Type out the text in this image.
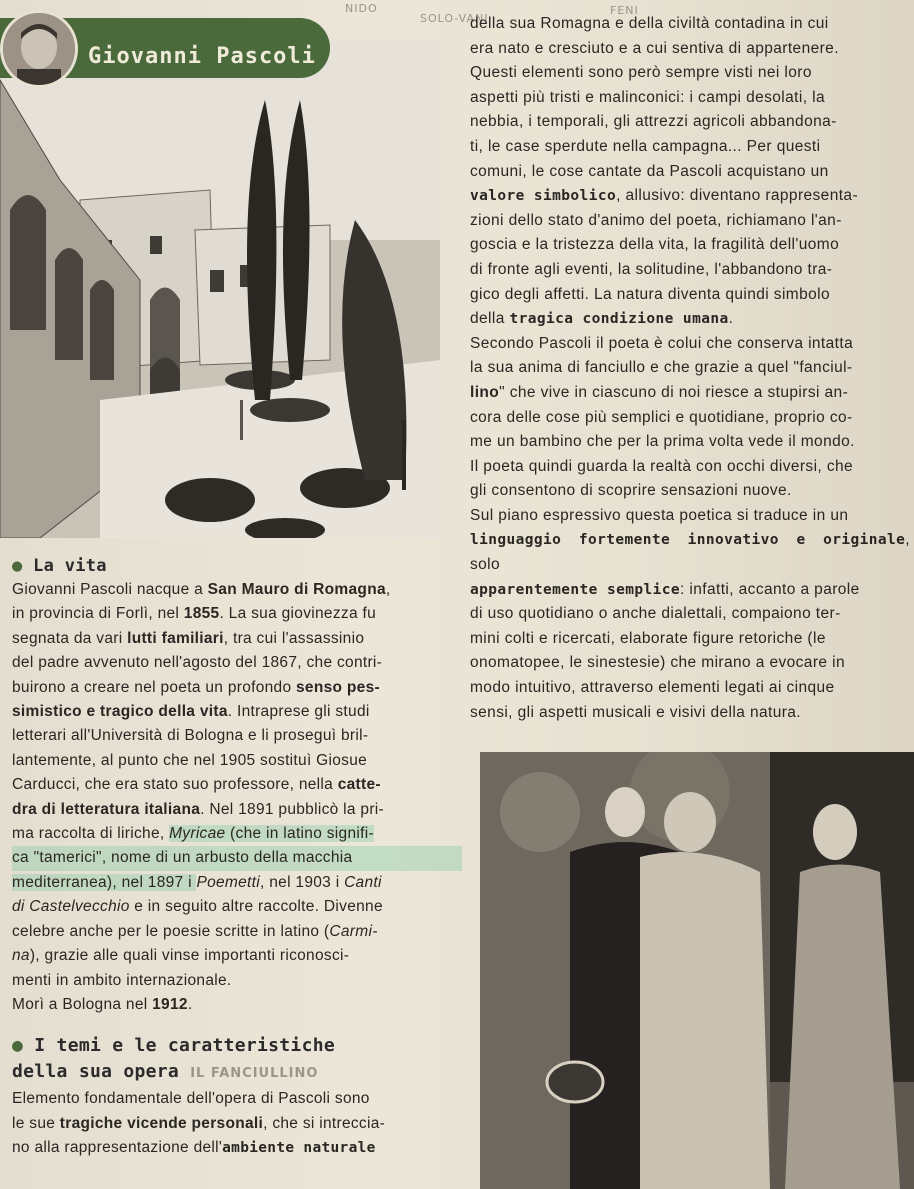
Giovanni Pascoli
NIDO
SOLO-VANI
FENI

della sua Romagna e della civiltà contadina in cui

era nato e cresciuto e a cui sentiva di appartenere.

Questi elementi sono però sempre visti nei loro

aspetti più tristi e malinconici: i campi desolati, la

nebbia, i temporali, gli attrezzi agricoli abbandona-

ti, le case sperdute nella campagna... Per questi

comuni, le cose cantate da Pascoli acquistano un

valore simbolico, allusivo: diventano rappresenta-

zioni dello stato d'animo del poeta, richiamano l'an-

goscia e la tristezza della vita, la fragilità dell'uomo

di fronte agli eventi, la solitudine, l'abbandono tra-

gico degli affetti. La natura diventa quindi simbolo

della tragica condizione umana.

Secondo Pascoli il poeta è colui che conserva intatta

la sua anima di fanciullo e che grazie a quel "fanciul-

lino" che vive in ciascuno di noi riesce a stupirsi an-

cora delle cose più semplici e quotidiane, proprio co-

me un bambino che per la prima volta vede il mondo.

Il poeta quindi guarda la realtà con occhi diversi, che

gli consentono di scoprire sensazioni nuove.

Sul piano espressivo questa poetica si traduce in un

linguaggio fortemente innovativo e originale, solo

apparentemente semplice: infatti, accanto a parole

di uso quotidiano o anche dialettali, compaiono ter-

mini colti e ricercati, elaborate figure retoriche (le

onomatopee, le sinestesie) che mirano a evocare in

modo intuitivo, attraverso elementi legati ai cinque

sensi, gli aspetti musicali e visivi della natura.

● La vita

Giovanni Pascoli nacque a San Mauro di Romagna,

in provincia di Forlì, nel 1855. La sua giovinezza fu

segnata da vari lutti familiari, tra cui l'assassinio

del padre avvenuto nell'agosto del 1867, che contri-

buirono a creare nel poeta un profondo senso pes-

simistico e tragico della vita. Intraprese gli studi

letterari all'Università di Bologna e li proseguì bril-

lantemente, al punto che nel 1905 sostituì Giosue

Carducci, che era stato suo professore, nella catte-

dra di letteratura italiana. Nel 1891 pubblicò la pri-

ma raccolta di liriche, Myricae (che in latino signifi-

ca "tamerici", nome di un arbusto della macchia

mediterranea), nel 1897 i Poemetti, nel 1903 i Canti

di Castelvecchio e in seguito altre raccolte. Divenne

celebre anche per le poesie scritte in latino (Carmi-

na), grazie alle quali vinse importanti riconosci-

menti in ambito internazionale.

Morì a Bologna nel 1912.

● I temi e le caratteristiche

della sua opera IL FANCIULLINO

Elemento fondamentale dell'opera di Pascoli sono

le sue tragiche vicende personali, che si intreccia-

no alla rappresentazione dell'ambiente naturale
